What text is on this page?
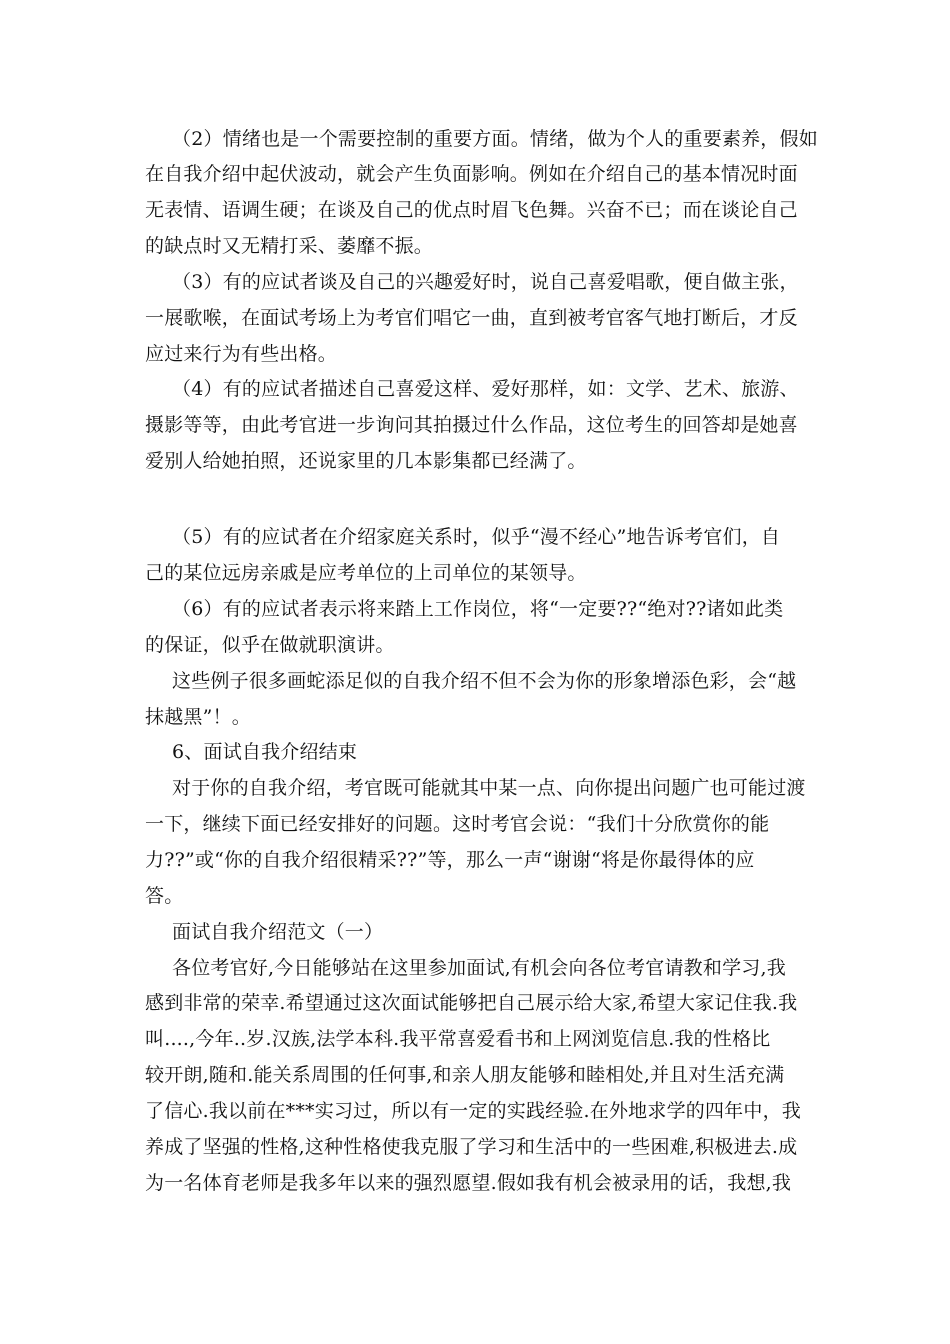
（2）情绪也是一个需要控制的重要方面。情绪，做为个人的重要素养，假如
在自我介绍中起伏波动，就会产生负面影响。例如在介绍自己的基本情况时面
无表情、语调生硬；在谈及自己的优点时眉飞色舞。兴奋不已；而在谈论自己
的缺点时又无精打采、萎靡不振。
（3）有的应试者谈及自己的兴趣爱好时，说自己喜爱唱歌，便自做主张，
一展歌喉，在面试考场上为考官们唱它一曲，直到被考官客气地打断后，才反
应过来行为有些出格。
（4）有的应试者描述自己喜爱这样、爱好那样，如：文学、艺术、旅游、
摄影等等，由此考官进一步询问其拍摄过什么作品，这位考生的回答却是她喜
爱别人给她拍照，还说家里的几本影集都已经满了。
（5）有的应试者在介绍家庭关系时，似乎“漫不经心”地告诉考官们，自
己的某位远房亲戚是应考单位的上司单位的某领导。
（6）有的应试者表示将来踏上工作岗位，将“一定要??“绝对??诸如此类
的保证，似乎在做就职演讲。
这些例子很多画蛇添足似的自我介绍不但不会为你的形象增添色彩，会“越
抹越黑”！。
6、面试自我介绍结束
对于你的自我介绍，考官既可能就其中某一点、向你提出问题广也可能过渡
一下，继续下面已经安排好的问题。这时考官会说：“我们十分欣赏你的能
力??”或“你的自我介绍很精采??”等，那么一声“谢谢“将是你最得体的应
答。
面试自我介绍范文（一）
各位考官好,今日能够站在这里参加面试,有机会向各位考官请教和学习,我
感到非常的荣幸.希望通过这次面试能够把自己展示给大家,希望大家记住我.我
叫....,今年..岁.汉族,法学本科.我平常喜爱看书和上网浏览信息.我的性格比
较开朗,随和.能关系周围的任何事,和亲人朋友能够和睦相处,并且对生活充满
了信心.我以前在***实习过，所以有一定的实践经验.在外地求学的四年中，我
养成了坚强的性格,这种性格使我克服了学习和生活中的一些困难,积极进去.成
为一名体育老师是我多年以来的强烈愿望.假如我有机会被录用的话，我想,我
